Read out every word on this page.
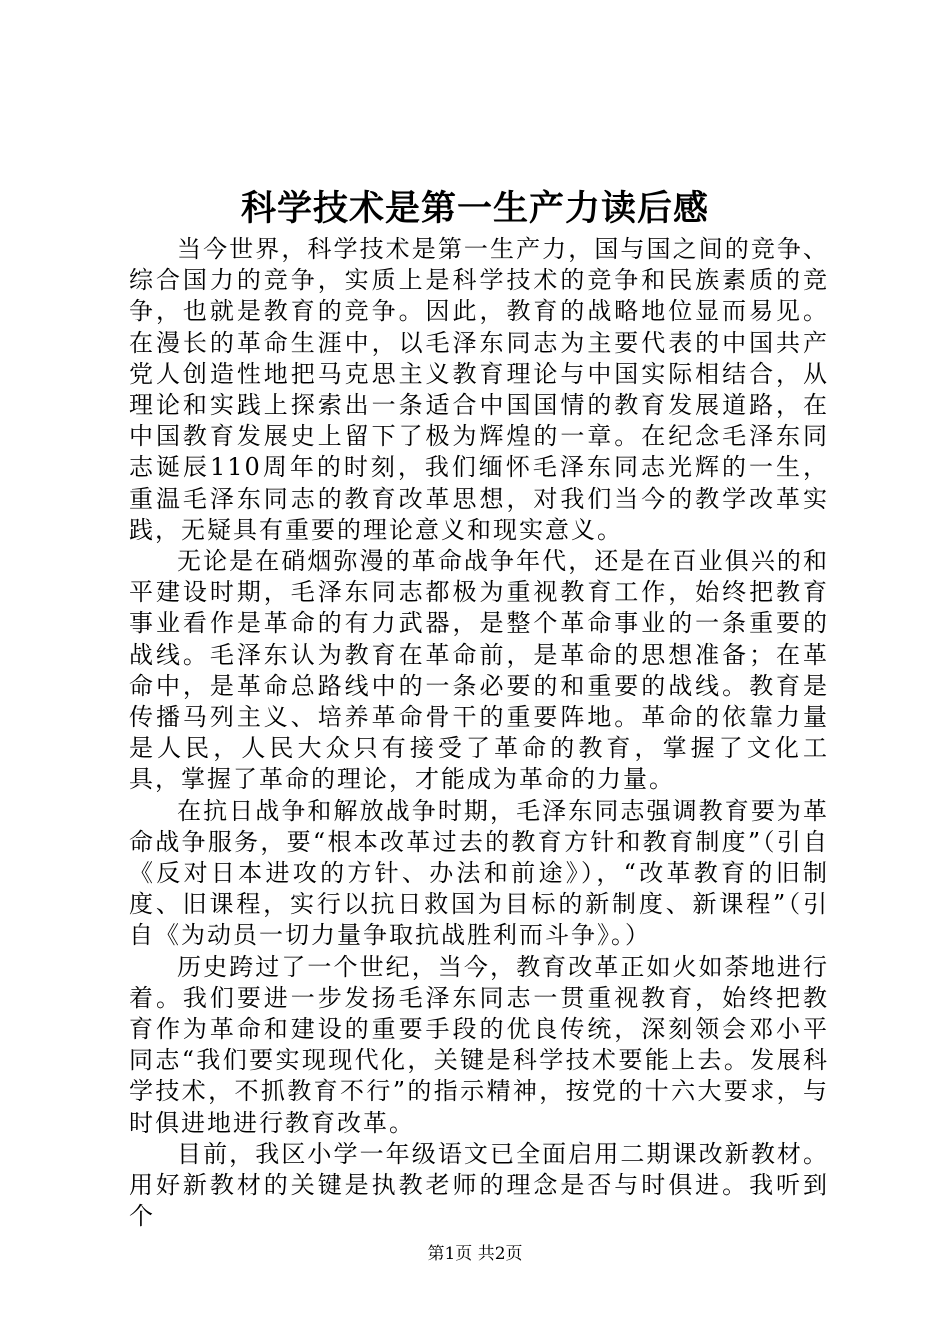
科学技术是第一生产力读后感

当今世界，科学技术是第一生产力，国与国之间的竞争、综合国力的竞争，实质上是科学技术的竞争和民族素质的竞争，也就是教育的竞争。因此，教育的战略地位显而易见。在漫长的革命生涯中，以毛泽东同志为主要代表的中国共产党人创造性地把马克思主义教育理论与中国实际相结合，从理论和实践上探索出一条适合中国国情的教育发展道路，在中国教育发展史上留下了极为辉煌的一章。在纪念毛泽东同志诞辰110周年的时刻，我们缅怀毛泽东同志光辉的一生，重温毛泽东同志的教育改革思想，对我们当今的教学改革实践，无疑具有重要的理论意义和现实意义。

无论是在硝烟弥漫的革命战争年代，还是在百业俱兴的和平建设时期，毛泽东同志都极为重视教育工作，始终把教育事业看作是革命的有力武器，是整个革命事业的一条重要的战线。毛泽东认为教育在革命前，是革命的思想准备；在革命中，是革命总路线中的一条必要的和重要的战线。教育是传播马列主义、培养革命骨干的重要阵地。革命的依靠力量是人民，人民大众只有接受了革命的教育，掌握了文化工具，掌握了革命的理论，才能成为革命的力量。

在抗日战争和解放战争时期，毛泽东同志强调教育要为革命战争服务，要“根本改革过去的教育方针和教育制度”（引自《反对日本进攻的方针、办法和前途》），“改革教育的旧制度、旧课程，实行以抗日救国为目标的新制度、新课程”（引自《为动员一切力量争取抗战胜利而斗争》。）

历史跨过了一个世纪，当今，教育改革正如火如荼地进行着。我们要进一步发扬毛泽东同志一贯重视教育，始终把教育作为革命和建设的重要手段的优良传统，深刻领会邓小平同志“我们要实现现代化，关键是科学技术要能上去。发展科学技术，不抓教育不行”的指示精神，按党的十六大要求，与时俱进地进行教育改革。

目前，我区小学一年级语文已全面启用二期课改新教材。用好新教材的关键是执教老师的理念是否与时俱进。我听到个

第1页 共2页
